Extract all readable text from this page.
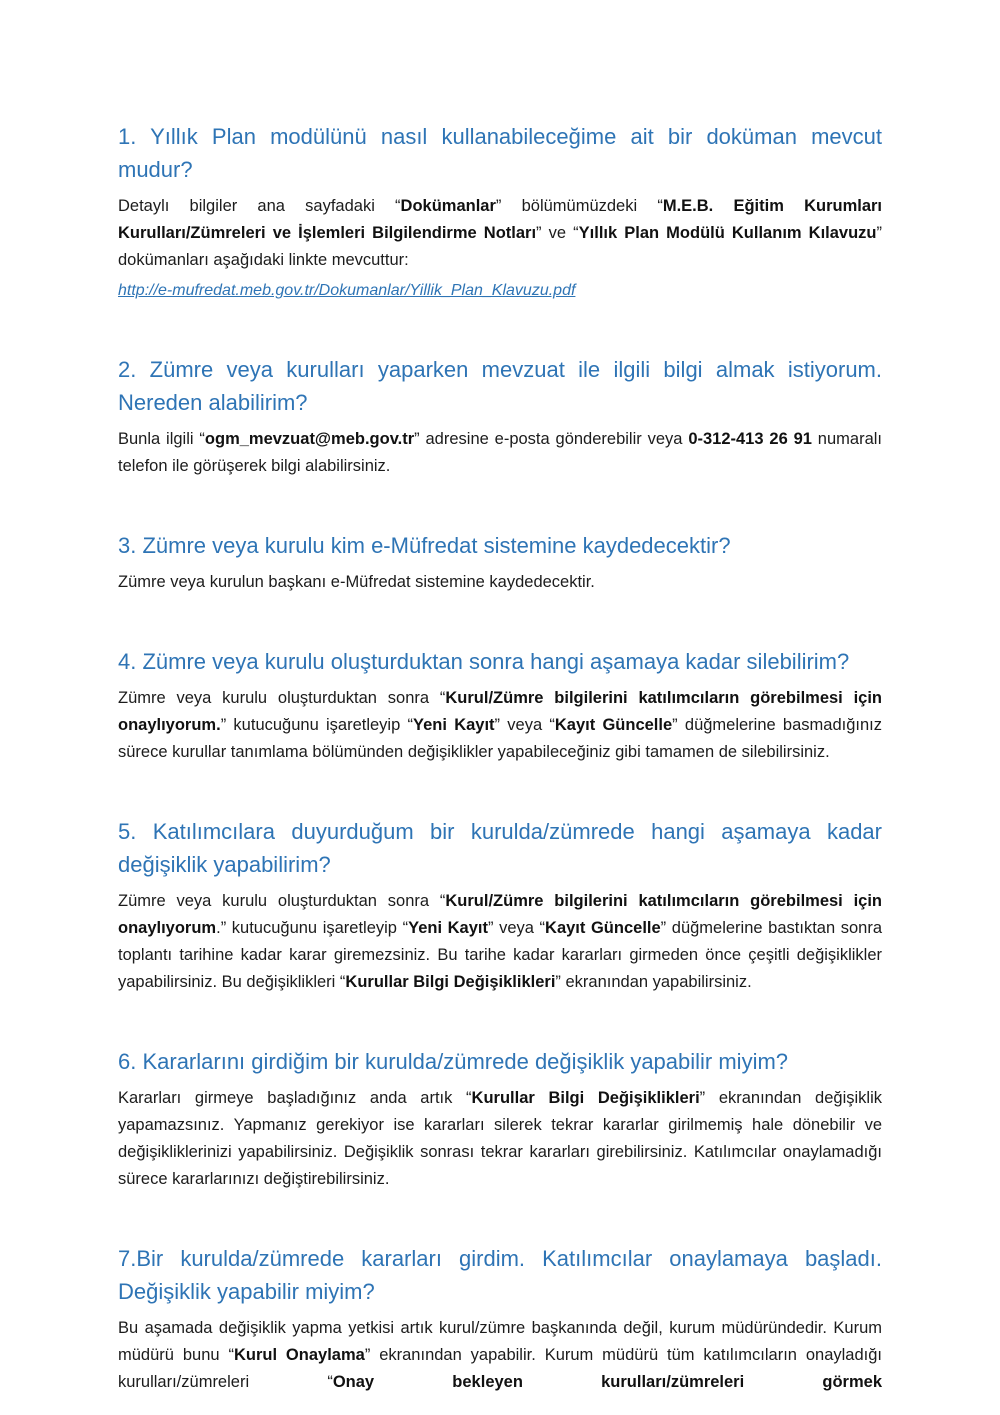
1. Yıllık Plan modülünü nasıl kullanabileceğime ait bir doküman mevcut mudur?

Detaylı bilgiler ana sayfadaki “Dokümanlar” bölümümüzdeki “M.E.B. Eğitim Kurumları Kurulları/Zümreleri ve İşlemleri Bilgilendirme Notları” ve “Yıllık Plan Modülü Kullanım Kılavuzu” dokümanları aşağıdaki linkte mevcuttur:

http://e-mufredat.meb.gov.tr/Dokumanlar/Yillik_Plan_Klavuzu.pdf
2. Zümre veya kurulları yaparken mevzuat ile ilgili bilgi almak istiyorum. Nereden alabilirim?

Bunla ilgili “ogm_mevzuat@meb.gov.tr” adresine e-posta gönderebilir veya 0-312-413 26 91 numaralı telefon ile görüşerek bilgi alabilirsiniz.

3. Zümre veya kurulu kim e-Müfredat sistemine kaydedecektir?

Zümre veya kurulun başkanı e-Müfredat sistemine kaydedecektir.

4. Zümre veya kurulu oluşturduktan sonra hangi aşamaya kadar silebilirim?

Zümre veya kurulu oluşturduktan sonra “Kurul/Zümre bilgilerini katılımcıların görebilmesi için onaylıyorum.” kutucuğunu işaretleyip “Yeni Kayıt” veya “Kayıt Güncelle” düğmelerine basmadığınız sürece kurullar tanımlama bölümünden değişiklikler yapabileceğiniz gibi tamamen de silebilirsiniz.

5. Katılımcılara duyurduğum bir kurulda/zümrede hangi aşamaya kadar değişiklik yapabilirim?

Zümre veya kurulu oluşturduktan sonra “Kurul/Zümre bilgilerini katılımcıların görebilmesi için onaylıyorum.” kutucuğunu işaretleyip “Yeni Kayıt” veya “Kayıt Güncelle” düğmelerine bastıktan sonra toplantı tarihine kadar karar giremezsiniz. Bu tarihe kadar kararları girmeden önce çeşitli değişiklikler yapabilirsiniz. Bu değişiklikleri “Kurullar Bilgi Değişiklikleri” ekranından yapabilirsiniz.

6. Kararlarını girdiğim bir kurulda/zümrede değişiklik yapabilir miyim?

Kararları girmeye başladığınız anda artık “Kurullar Bilgi Değişiklikleri” ekranından değişiklik yapamazsınız. Yapmanız gerekiyor ise kararları silerek tekrar kararlar girilmemiş hale dönebilir ve değişikliklerinizi yapabilirsiniz. Değişiklik sonrası tekrar kararları girebilirsiniz. Katılımcılar onaylamadığı sürece kararlarınızı değiştirebilirsiniz.

7.Bir kurulda/zümrede kararları girdim. Katılımcılar onaylamaya başladı. Değişiklik yapabilir miyim?

Bu aşamada değişiklik yapma yetkisi artık kurul/zümre başkanında değil, kurum müdüründedir. Kurum müdürü bunu “Kurul Onaylama” ekranından yapabilir. Kurum müdürü tüm katılımcıların onayladığı kurulları/zümreleri “Onay bekleyen kurulları/zümreleri görmek
